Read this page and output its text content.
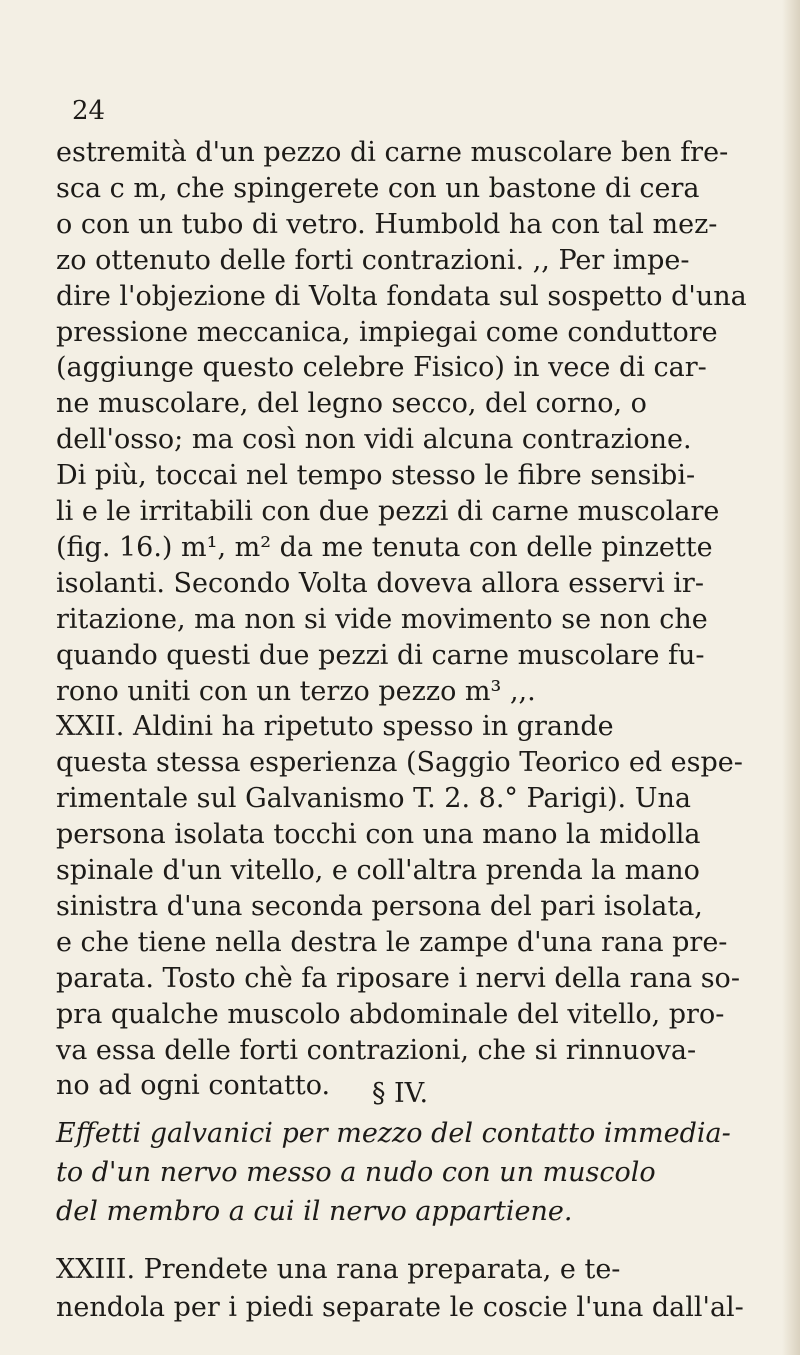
24
estremità d'un pezzo di carne muscolare ben fre-
sca c m, che spingerete con un bastone di cera
o con un tubo di vetro. Humbold ha con tal mez-
zo ottenuto delle forti contrazioni. ,, Per impe-
dire l'objezione di Volta fondata sul sospetto d'una
pressione meccanica, impiegai come conduttore
(aggiunge questo celebre Fisico) in vece di car-
ne muscolare, del legno secco, del corno, o
dell'osso; ma così non vidi alcuna contrazione.
Di più, toccai nel tempo stesso le fibre sensibi-
li e le irritabili con due pezzi di carne muscolare
(fig. 16.) m¹, m² da me tenuta con delle pinzette
isolanti. Secondo Volta doveva allora esservi ir-
ritazione, ma non si vide movimento se non che
quando questi due pezzi di carne muscolare fu-
rono uniti con un terzo pezzo m³ ,,.
XXII. Aldini ha ripetuto spesso in grande
questa stessa esperienza (Saggio Teorico ed espe-
rimentale sul Galvanismo T. 2. 8.° Parigi). Una
persona isolata tocchi con una mano la midolla
spinale d'un vitello, e coll'altra prenda la mano
sinistra d'una seconda persona del pari isolata,
e che tiene nella destra le zampe d'una rana pre-
parata. Tosto chè fa riposare i nervi della rana so-
pra qualche muscolo abdominale del vitello, pro-
va essa delle forti contrazioni, che si rinnuova-
no ad ogni contatto.	§ IV.
Effetti galvanici per mezzo del contatto immedia-
to d'un nervo messo a nudo con un muscolo
del membro a cui il nervo appartiene.
XXIII. Prendete una rana preparata, e te-
nendola per i piedi separate le coscie l'una dall'al-
